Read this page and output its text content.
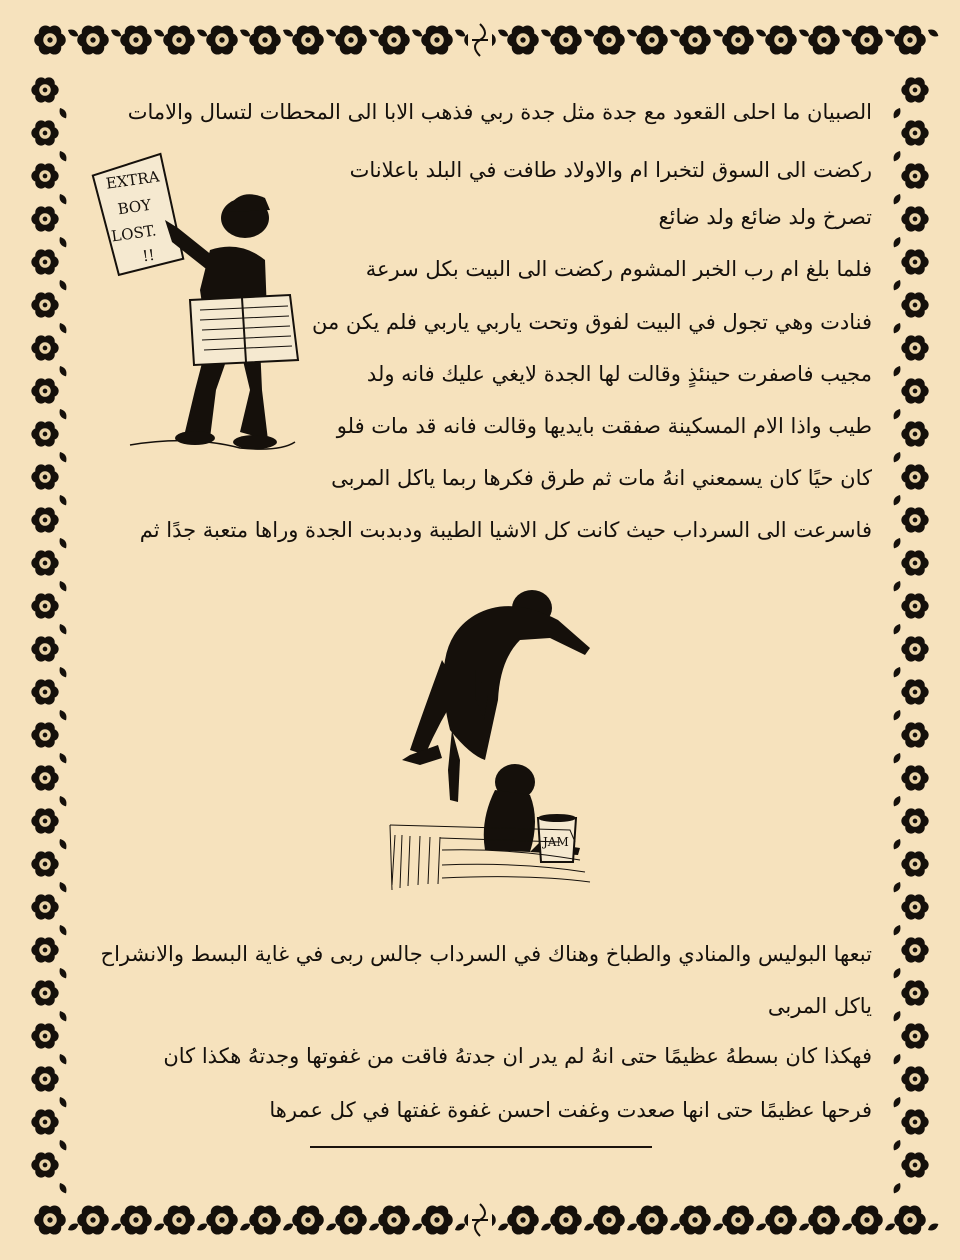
الصبيان ما احلى القعود مع جدة مثل جدة ربي فذهب الابا الى المحطات لتسال والامات
ركضت الى السوق لتخبرا ام والاولاد طافت في البلد باعلانات
تصرخ ولد ضائع ولد ضائع
فلما بلغ ام رب الخبر المشوم ركضت الى البيت بكل سرعة
فنادت وهي تجول في البيت لفوق وتحت ياربي ياربي فلم يكن من
مجيب فاصفرت حينئذٍ وقالت لها الجدة لايغي عليك فانه ولد
طيب واذا الام المسكينة صفقت بايديها وقالت فانه قد مات فلو
كان حيًا كان يسمعني انهُ مات ثم طرق فكرها ربما ياكل المربى
فاسرعت الى السرداب حيث كانت كل الاشيا الطيبة ودبدبت الجدة وراها متعبة جدًا ثم
EXTRA
BOY
LOST.
!!
JAM
تبعها البوليس والمنادي والطباخ وهناك في السرداب جالس ربى في غاية البسط والانشراح
ياكل المربى
فهكذا كان بسطهُ عظيمًا حتى انهُ لم يدر ان جدتهُ فاقت من غفوتها وجدتهُ هكذا كان
فرحها عظيمًا حتى انها صعدت وغفت احسن غفوة غفتها في كل عمرها
